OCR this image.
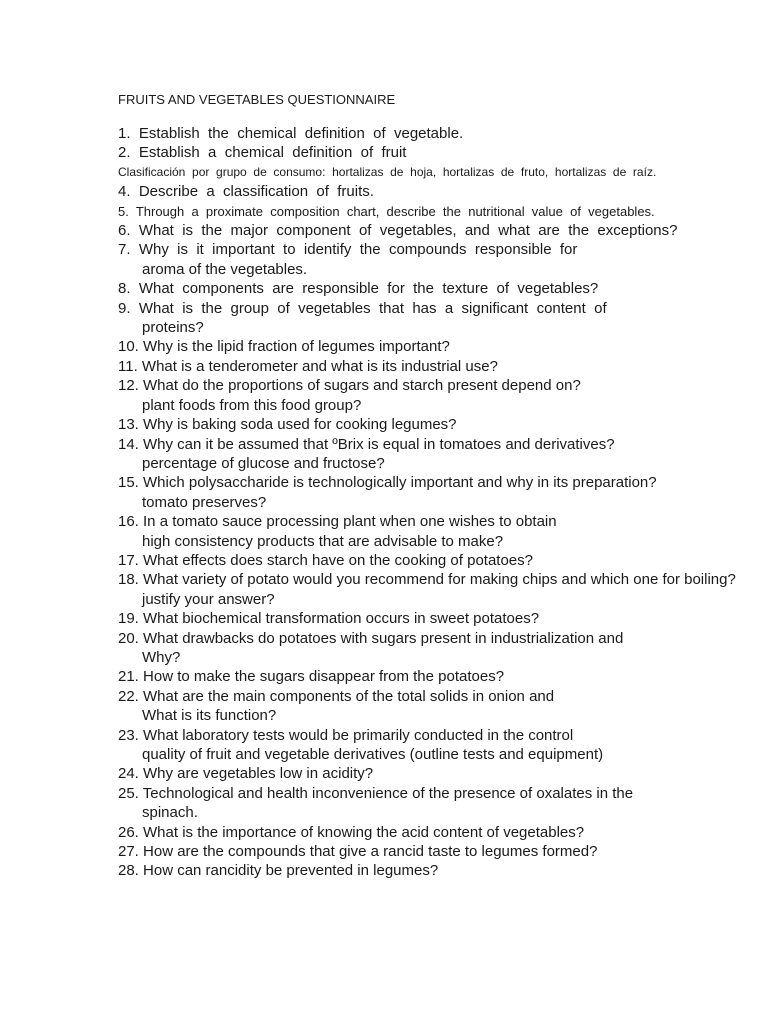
FRUITS AND VEGETABLES QUESTIONNAIRE
1.  Establish  the  chemical  definition  of  vegetable.
2.  Establish  a  chemical  definition  of  fruit
Clasificación  por  grupo  de  consumo:  hortalizas  de  hoja,  hortalizas  de  fruto,  hortalizas  de  raíz.
4.  Describe  a  classification  of  fruits.
5.  Through  a  proximate  composition  chart,  describe  the  nutritional  value  of  vegetables.
6.  What  is  the  major  component  of  vegetables,  and  what  are  the  exceptions?
7.  Why  is  it  important  to  identify  the  compounds  responsible  for
aroma of the vegetables.
8.  What  components  are  responsible  for  the  texture  of  vegetables?
9.  What  is  the  group  of  vegetables  that  has  a  significant  content  of
proteins?
10. Why is the lipid fraction of legumes important?
11. What is a tenderometer and what is its industrial use?
12. What do the proportions of sugars and starch present depend on?
plant foods from this food group?
13. Why is baking soda used for cooking legumes?
14. Why can it be assumed that ºBrix is equal in tomatoes and derivatives?
percentage of glucose and fructose?
15. Which polysaccharide is technologically important and why in its preparation?
tomato preserves?
16. In a tomato sauce processing plant when one wishes to obtain
high consistency products that are advisable to make?
17. What effects does starch have on the cooking of potatoes?
18. What variety of potato would you recommend for making chips and which one for boiling?
justify your answer?
19. What biochemical transformation occurs in sweet potatoes?
20. What drawbacks do potatoes with sugars present in industrialization and
Why?
21. How to make the sugars disappear from the potatoes?
22. What are the main components of the total solids in onion and
What is its function?
23. What laboratory tests would be primarily conducted in the control
quality of fruit and vegetable derivatives (outline tests and equipment)
24. Why are vegetables low in acidity?
25. Technological and health inconvenience of the presence of oxalates in the
spinach.
26. What is the importance of knowing the acid content of vegetables?
27. How are the compounds that give a rancid taste to legumes formed?
28. How can rancidity be prevented in legumes?
